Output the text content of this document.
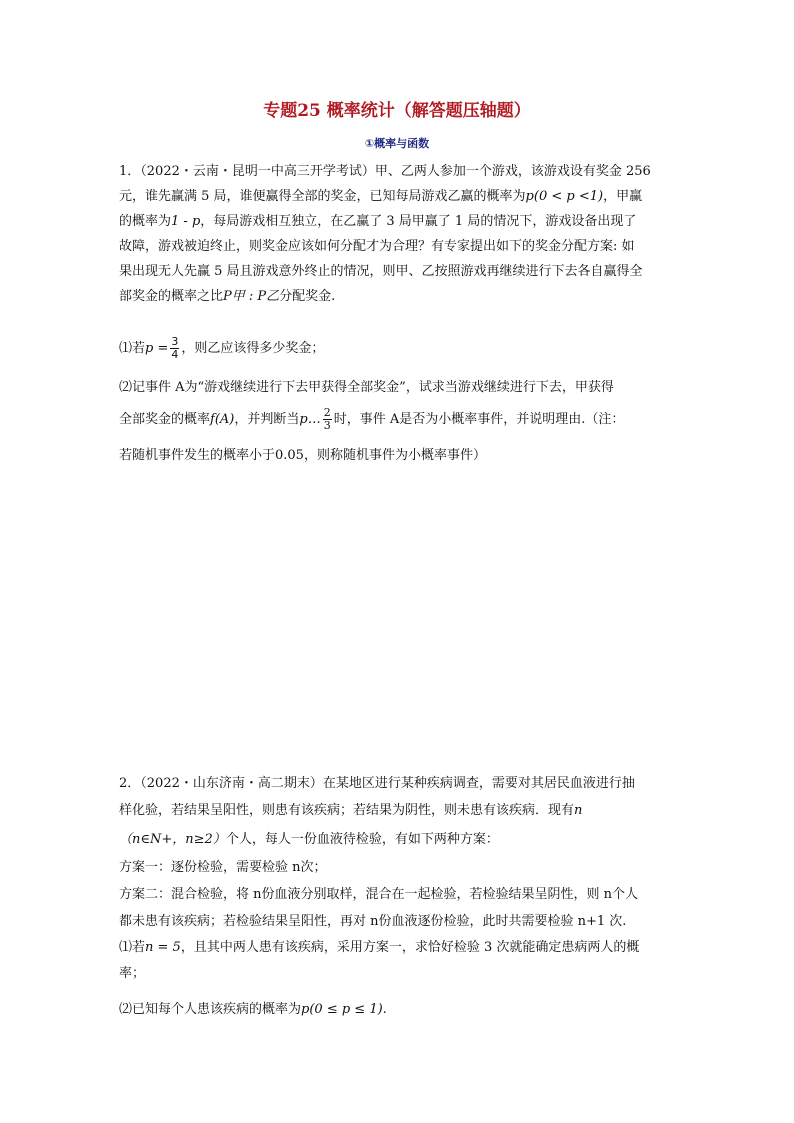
专题25 概率统计（解答题压轴题）
①概率与函数
1．（2022・云南・昆明一中高三开学考试）甲、乙两人参加一个游戏，该游戏设有奖金 256
元，谁先赢满 5 局，谁便赢得全部的奖金，已知每局游戏乙赢的概率为p(0 < p <1)，甲赢
的概率为1 - p，每局游戏相互独立，在乙赢了 3 局甲赢了 1 局的情况下，游戏设备出现了
故障，游戏被迫终止，则奖金应该如何分配才为合理？有专家提出如下的奖金分配方案: 如
果出现无人先赢 5 局且游戏意外终止的情况，则甲、乙按照游戏再继续进行下去各自赢得全
部奖金的概率之比P甲 : P乙分配奖金.
⑴若$p = \frac{3}{4}$ ，则乙应该得多少奖金；
⑵记事件 A为“游戏继续进行下去甲获得全部奖金”，试求当游戏继续进行下去，甲获得
全部奖金的概率f(A)，并判断当p… $\frac{2}{3}$ 时，事件 A是否为小概率事件，并说明理由.（注：
若随机事件发生的概率小于0.05，则称随机事件为小概率事件）
2．（2022・山东济南・高二期末）在某地区进行某种疾病调查，需要对其居民血液进行抽
样化验，若结果呈阳性，则患有该疾病；若结果为阴性，则未患有该疾病．现有n
（n∈N+，n≥2）个人，每人一份血液待检验，有如下两种方案：
方案一：逐份检验，需要检验 n次；
方案二：混合检验，将 n份血液分别取样，混合在一起检验，若检验结果呈阴性，则 n个人
都未患有该疾病；若检验结果呈阳性，再对 n份血液逐份检验，此时共需要检验 n+1 次.
⑴若n = 5，且其中两人患有该疾病，采用方案一，求恰好检验 3 次就能确定患病两人的概
率；
⑵已知每个人患该疾病的概率为p(0 ≤ p ≤ 1).
